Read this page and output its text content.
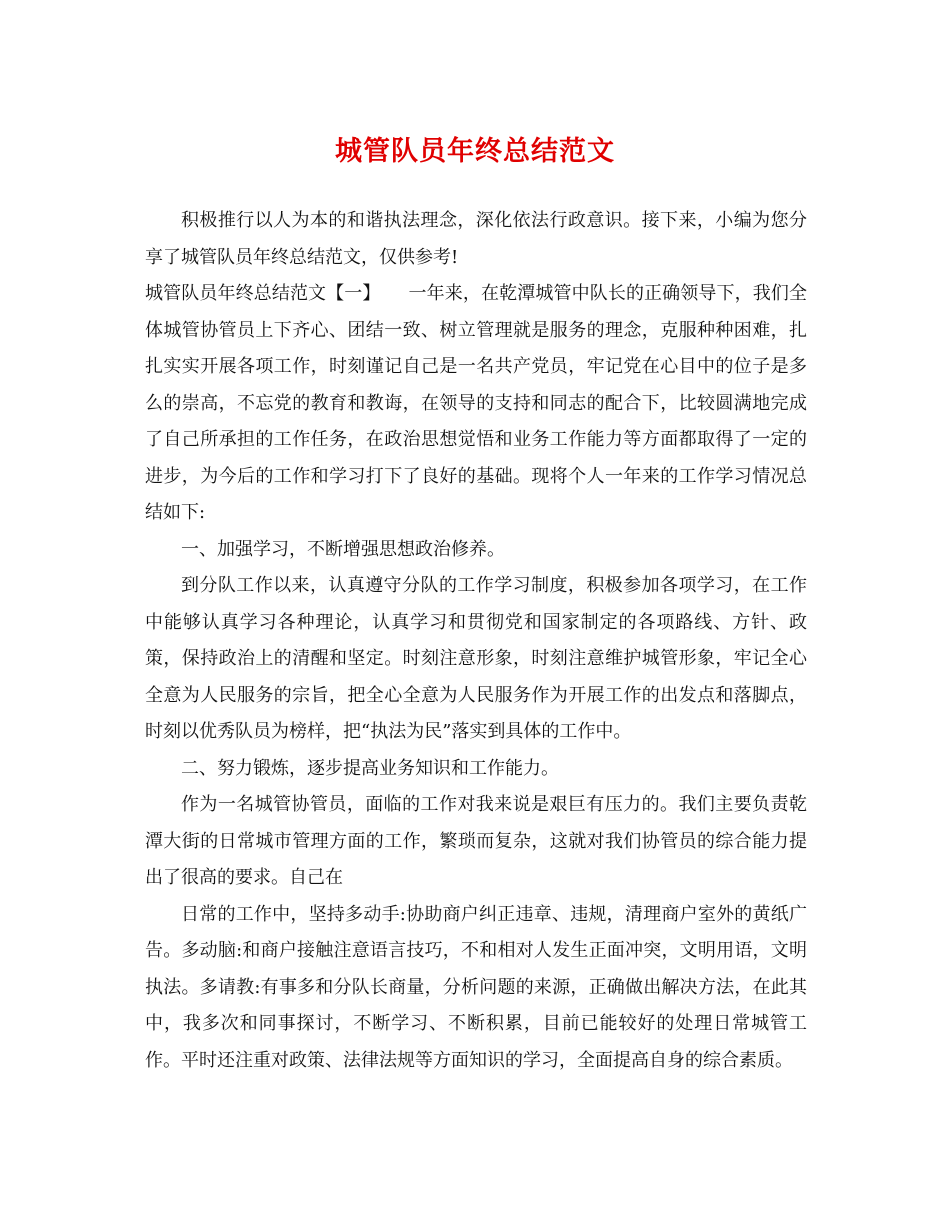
城管队员年终总结范文

积极推行以人为本的和谐执法理念，深化依法行政意识。接下来，小编为您分享了城管队员年终总结范文，仅供参考!

城管队员年终总结范文【一】 一年来，在乾潭城管中队长的正确领导下，我们全体城管协管员上下齐心、团结一致、树立管理就是服务的理念，克服种种困难，扎扎实实开展各项工作，时刻谨记自己是一名共产党员，牢记党在心目中的位子是多么的崇高，不忘党的教育和教诲，在领导的支持和同志的配合下，比较圆满地完成了自己所承担的工作任务，在政治思想觉悟和业务工作能力等方面都取得了一定的进步，为今后的工作和学习打下了良好的基础。现将个人一年来的工作学习情况总结如下:

一、加强学习，不断增强思想政治修养。

到分队工作以来，认真遵守分队的工作学习制度，积极参加各项学习，在工作中能够认真学习各种理论，认真学习和贯彻党和国家制定的各项路线、方针、政策，保持政治上的清醒和坚定。时刻注意形象，时刻注意维护城管形象，牢记全心全意为人民服务的宗旨，把全心全意为人民服务作为开展工作的出发点和落脚点，时刻以优秀队员为榜样，把“执法为民”落实到具体的工作中。

二、努力锻炼，逐步提高业务知识和工作能力。

作为一名城管协管员，面临的工作对我来说是艰巨有压力的。我们主要负责乾潭大街的日常城市管理方面的工作，繁琐而复杂，这就对我们协管员的综合能力提出了很高的要求。自己在

日常的工作中，坚持多动手:协助商户纠正违章、违规，清理商户室外的黄纸广告。多动脑:和商户接触注意语言技巧，不和相对人发生正面冲突，文明用语，文明执法。多请教:有事多和分队长商量，分析问题的来源，正确做出解决方法，在此其中，我多次和同事探讨，不断学习、不断积累，目前已能较好的处理日常城管工作。平时还注重对政策、法律法规等方面知识的学习，全面提高自身的综合素质。
